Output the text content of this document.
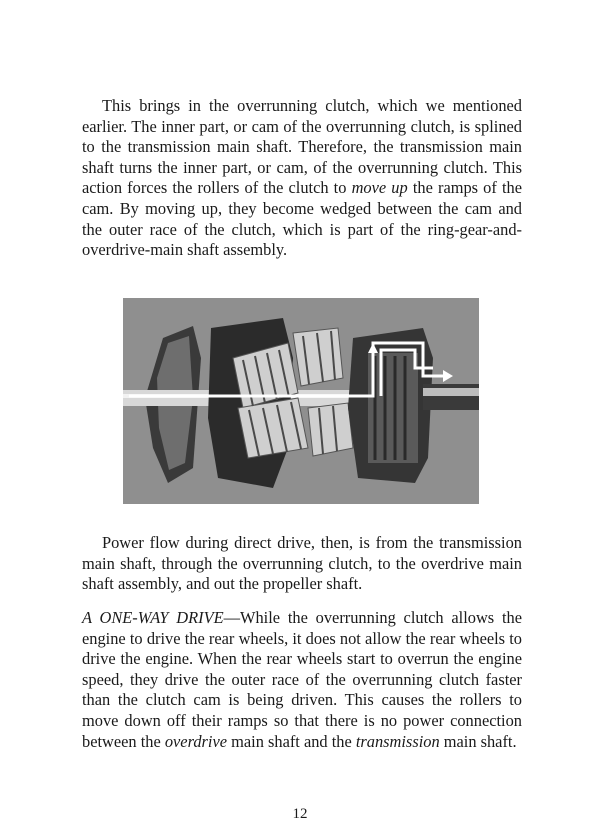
This brings in the overrunning clutch, which we mentioned earlier. The inner part, or cam of the overrunning clutch, is splined to the transmission main shaft. Therefore, the transmission main shaft turns the inner part, or cam, of the overrunning clutch. This action forces the rollers of the clutch to move up the ramps of the cam. By moving up, they become wedged between the cam and the outer race of the clutch, which is part of the ring-gear-and-overdrive-main shaft assembly.

Power flow during direct drive, then, is from the transmission main shaft, through the overrunning clutch, to the overdrive main shaft assembly, and out the propeller shaft.

A ONE-WAY DRIVE—While the overrunning clutch allows the engine to drive the rear wheels, it does not allow the rear wheels to drive the engine. When the rear wheels start to overrun the engine speed, they drive the outer race of the overrunning clutch faster than the clutch cam is being driven. This causes the rollers to move down off their ramps so that there is no power connection between the overdrive main shaft and the transmission main shaft.

12
